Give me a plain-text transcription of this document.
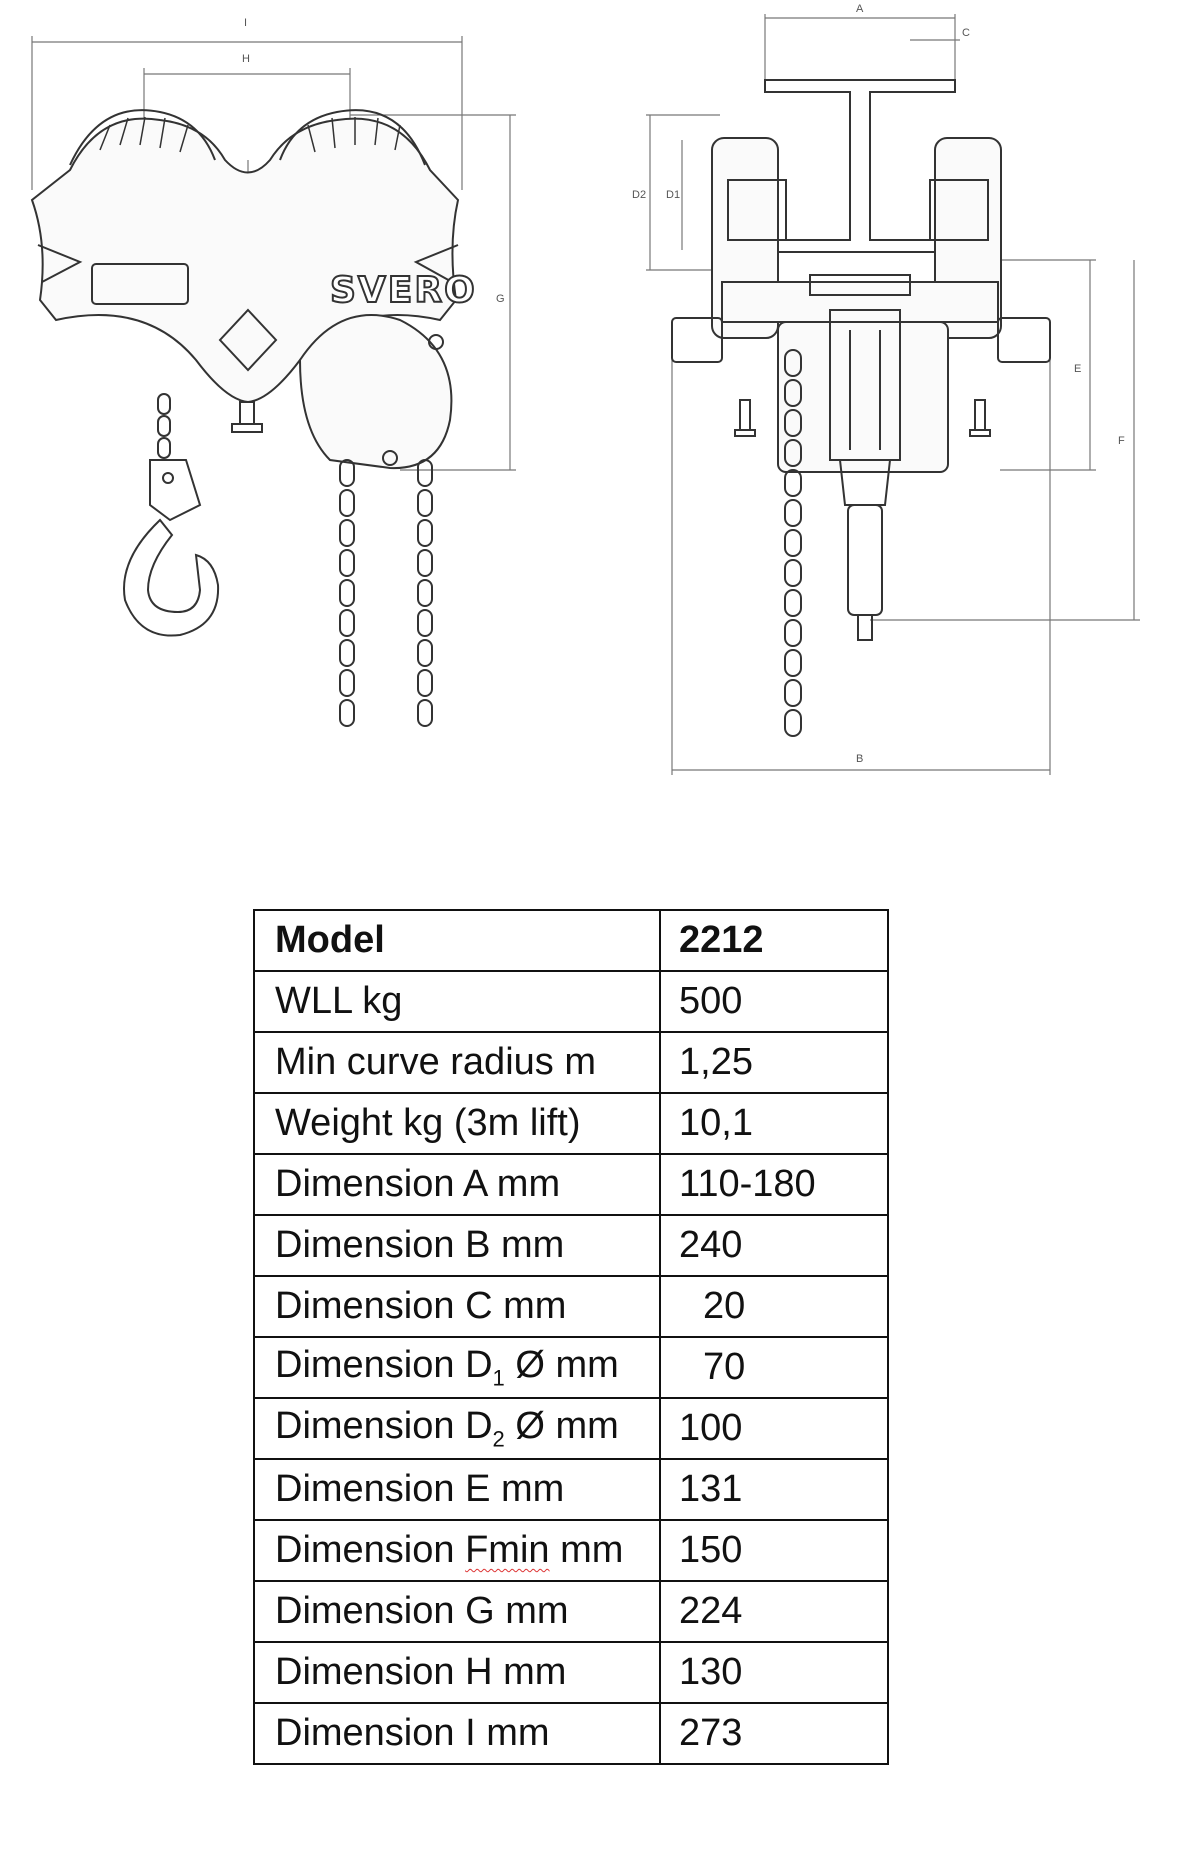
SVERO
I
H
G
A
C
D2 D1
E
F
B
Model	2212
WLL kg	500
Min curve radius m	1,25
Weight kg (3m lift)	10,1
Dimension A mm	110-180
Dimension B mm	240
Dimension C mm	20
Dimension $D_1$ Ø mm	70
Dimension $D_2$ Ø mm	100
Dimension E mm	131
Dimension Fmin mm	150
Dimension G mm	224
Dimension H mm	130
Dimension I mm	273
